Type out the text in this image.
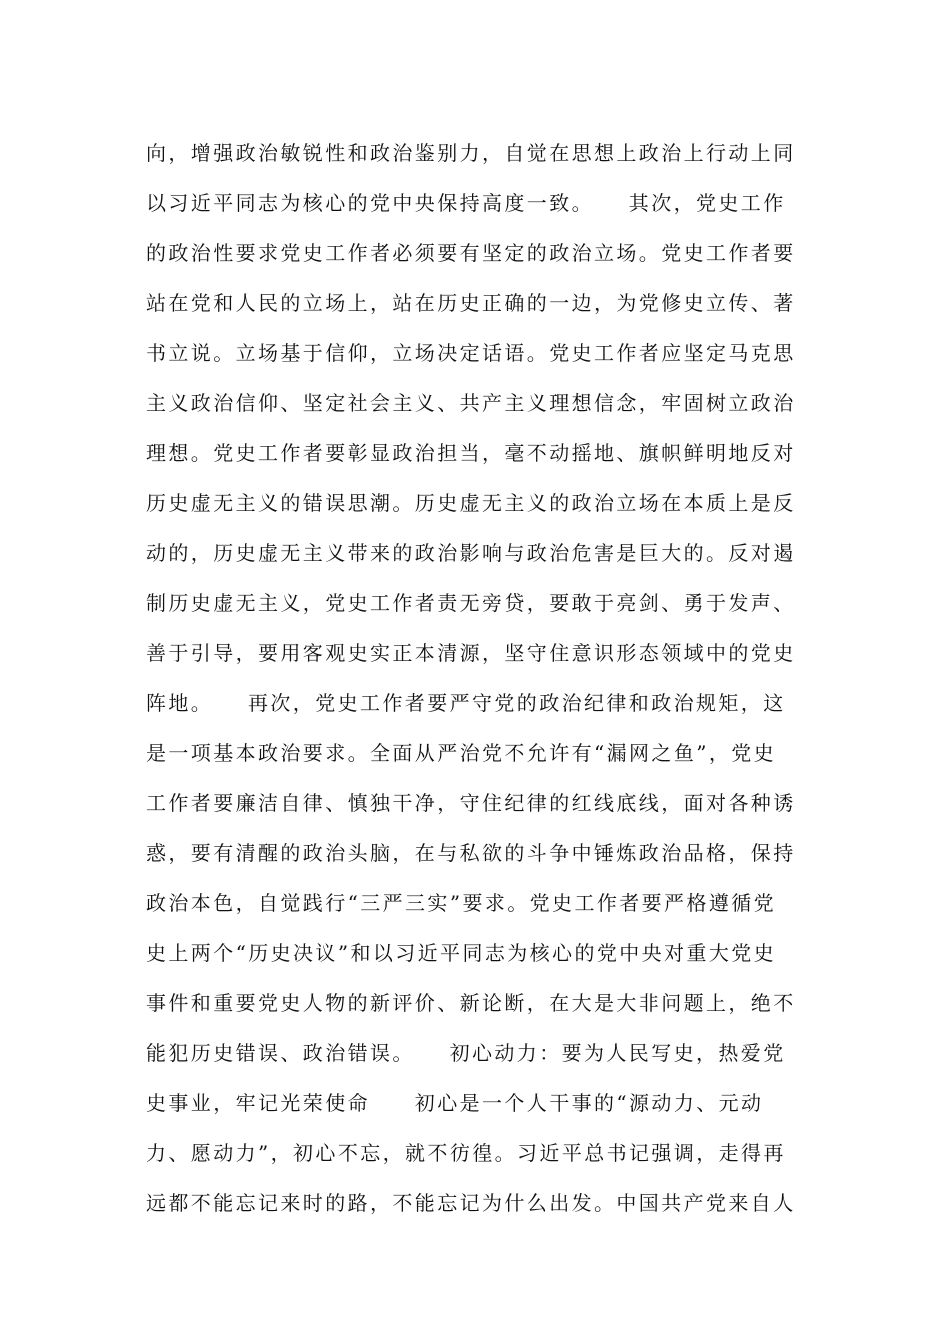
向，增强政治敏锐性和政治鉴别力，自觉在思想上政治上行动上同
以习近平同志为核心的党中央保持高度一致。　　其次，党史工作
的政治性要求党史工作者必须要有坚定的政治立场。党史工作者要
站在党和人民的立场上，站在历史正确的一边，为党修史立传、著
书立说。立场基于信仰，立场决定话语。党史工作者应坚定马克思
主义政治信仰、坚定社会主义、共产主义理想信念，牢固树立政治
理想。党史工作者要彰显政治担当，毫不动摇地、旗帜鲜明地反对
历史虚无主义的错误思潮。历史虚无主义的政治立场在本质上是反
动的，历史虚无主义带来的政治影响与政治危害是巨大的。反对遏
制历史虚无主义，党史工作者责无旁贷，要敢于亮剑、勇于发声、
善于引导，要用客观史实正本清源，坚守住意识形态领域中的党史
阵地。　　再次，党史工作者要严守党的政治纪律和政治规矩，这
是一项基本政治要求。全面从严治党不允许有“漏网之鱼”，党史
工作者要廉洁自律、慎独干净，守住纪律的红线底线，面对各种诱
惑，要有清醒的政治头脑，在与私欲的斗争中锤炼政治品格，保持
政治本色，自觉践行“三严三实”要求。党史工作者要严格遵循党
史上两个“历史决议”和以习近平同志为核心的党中央对重大党史
事件和重要党史人物的新评价、新论断，在大是大非问题上，绝不
能犯历史错误、政治错误。　　初心动力：要为人民写史，热爱党
史事业，牢记光荣使命　　初心是一个人干事的“源动力、元动
力、愿动力”，初心不忘，就不彷徨。习近平总书记强调，走得再
远都不能忘记来时的路，不能忘记为什么出发。中国共产党来自人
